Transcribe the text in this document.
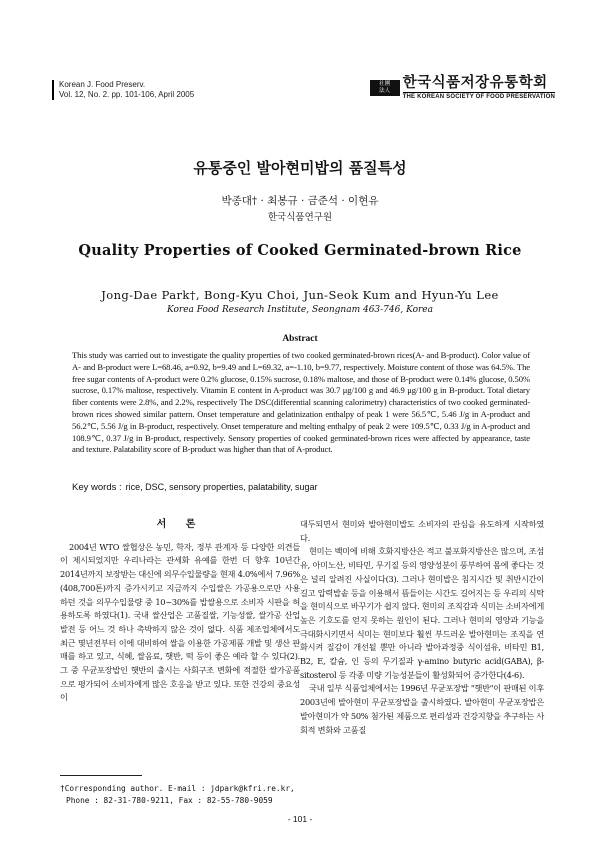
Korean J. Food Preserv.
Vol. 12, No. 2. pp. 101-106, April 2005
社團
法人 한국식품저장유통학회
THE KOREAN SOCIETY OF FOOD PRESERVATION
유통중인 발아현미밥의 품질특성
박종대† · 최봉규 · 금준석 · 이현유
한국식품연구원
Quality Properties of Cooked Germinated-brown Rice
Jong-Dae Park†, Bong-Kyu Choi, Jun-Seok Kum and Hyun-Yu Lee
Korea Food Research Institute, Seongnam 463-746, Korea
Abstract

This study was carried out to investigate the quality properties of two cooked germinated-brown rices(A- and B-product). Color value of A- and B-product were L=68.46, a=0.92, b=9.49 and L=69.32, a=-1.10, b=9.77, respectively. Moisture content of those was 64.5%. The free sugar contents of A-product were 0.2% glucose, 0.15% sucrose, 0.18% maltose, and those of B-product were 0.14% glucose, 0.50% sucrose, 0.17% maltose, respectively. Vitamin E content in A-product was 30.7 μg/100 g and 46.9 μg/100 g in B-product. Total dietary fiber contents were 2.8%, and 2.2%, respectively The DSC(differential scanning calorimetry) characteristics of two cooked germinated-brown rices showed similar pattern. Onset temperature and gelatinization enthalpy of peak 1 were 56.5℃, 5.46 J/g in A-product and 56.2℃, 5.56 J/g in B-product, respectively. Onset temperature and melting enthalpy of peak 2 were 109.5℃, 0.33 J/g in A-product and 108.9℃, 0.37 J/g in B-product, respectively. Sensory properties of cooked germinated-brown rices were affected by appearance, taste and texture. Palatability score of B-product was higher than that of A-product.

Key words : rice, DSC, sensory properties, palatability, sugar

서 론

2004년 WTO 쌀협상은 농민, 학자, 정부 관계자 등 다양한 의견들이 제시되었지만 우리나라는 관세화 유예를 한번 더 향후 10년간 2014년까지 보장받는 대신에 의무수입물량을 현재 4.0%에서 7.96%(408,700톤)까지 증가시키고 지금까지 수입쌀은 가공용으로만 사용하던 것을 의무수입물량 중 10~30%를 밥쌀용으로 소비자 시판을 허용하도록 하였다(1). 국내 쌀산업은 고품질쌀, 기능성쌀, 쌀가공 산업 발전 등 어느 것 하나 촉박하지 않은 것이 없다. 식품 제조업체에서도 최근 몇년전부터 이에 대비하여 쌀을 이용한 가공제품 개발 및 생산 판매를 하고 있고, 식혜, 쌀음료, 햇반, 떡 등이 좋은 예라 할 수 있다(2). 그 중 무균포장밥인 햇반의 출시는 사회구조 변화에 적절한 쌀가공품으로 평가되어 소비자에게 많은 호응을 받고 있다. 또한 건강의 중요성이

대두되면서 현미와 발아현미밥도 소비자의 관심을 유도하게 시작하였다.

현미는 백미에 비해 호화지방산은 적고 불포화지방산은 많으며, 조섬유, 아미노산, 비타민, 무기질 등의 영양성분이 풍부하여 몸에 좋다는 것은 널리 알려진 사실이다(3). 그러나 현미밥은 침지시간 및 취반시간이 길고 압력밥솥 등을 이용해서 뜸들이는 시간도 길어지는 등 우리의 식탁을 현미식으로 바꾸기가 쉽지 않다. 현미의 조직감과 식미는 소비자에게 높은 기호도를 얻지 못하는 원인이 된다. 그러나 현미의 영양과 기능을 극대화시키면서 식미는 현미보다 훨씬 부드러운 발아현미는 조직을 연화시켜 질감이 개선될 뿐만 아니라 발아과정중 식이섬유, 비타민 B1, B2, E, 칼슘, 인 등의 무기질과 γ-amino butyric acid(GABA), β-sitosterol 등 각종 미량 기능성분들이 활성화되어 증가한다(4-6).

국내 일부 식품업체에서는 1996년 무균포장밥 "햇반"이 판매된 이후 2003년에 발아현미 무균포장밥을 출시하였다. 발아현미 무균포장밥은 발아현미가 약 50% 첨가된 제품으로 편리성과 건강지향을 추구하는 사회적 변화와 고품질

†Corresponding author. E-mail : jdpark@kfri.re.kr,
Phone : 82-31-780-9211, Fax : 82-55-780-9059
- 101 -
